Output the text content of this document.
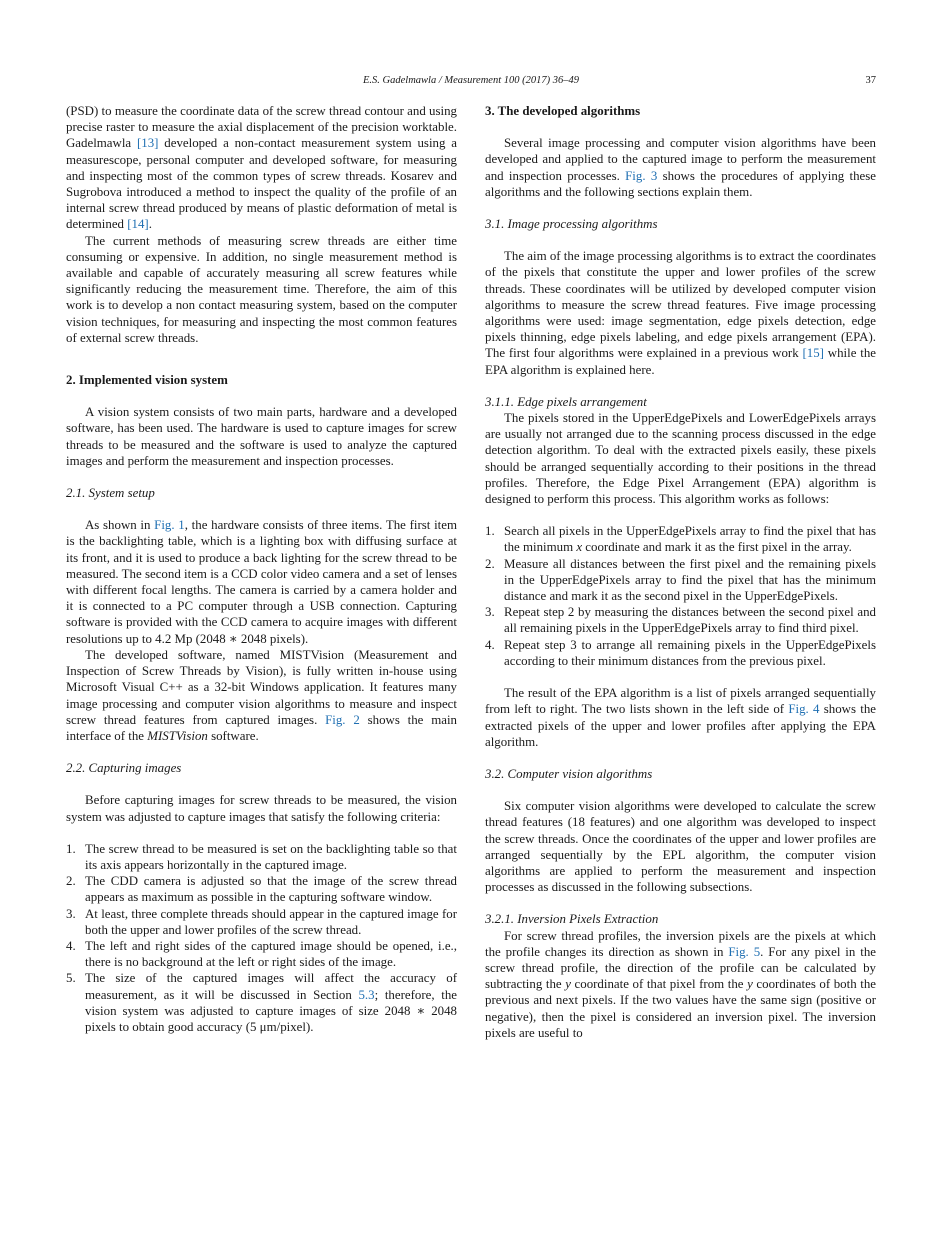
E.S. Gadelmawla / Measurement 100 (2017) 36–49	37

(PSD) to measure the coordinate data of the screw thread contour and using precise raster to measure the axial displacement of the precision worktable. Gadelmawla [13] developed a non-contact measurement system using a measurescope, personal computer and developed software, for measuring and inspecting most of the common types of screw threads. Kosarev and Sugrobova introduced a method to inspect the quality of the profile of an internal screw thread produced by means of plastic deformation of metal is determined [14].

The current methods of measuring screw threads are either time consuming or expensive. In addition, no single measurement method is available and capable of accurately measuring all screw features while significantly reducing the measurement time. Therefore, the aim of this work is to develop a non contact measuring system, based on the computer vision techniques, for measuring and inspecting the most common features of external screw threads.

2. Implemented vision system

A vision system consists of two main parts, hardware and a developed software, has been used. The hardware is used to capture images for screw threads to be measured and the software is used to analyze the captured images and perform the measurement and inspection processes.

2.1. System setup

As shown in Fig. 1, the hardware consists of three items. The first item is the backlighting table, which is a lighting box with diffusing surface at its front, and it is used to produce a back lighting for the screw thread to be measured. The second item is a CCD color video camera and a set of lenses with different focal lengths. The camera is carried by a camera holder and it is connected to a PC computer through a USB connection. Capturing software is provided with the CCD camera to acquire images with different resolutions up to 4.2 Mp (2048 ∗ 2048 pixels).

The developed software, named MISTVision (Measurement and Inspection of Screw Threads by Vision), is fully written in-house using Microsoft Visual C++ as a 32-bit Windows application. It features many image processing and computer vision algorithms to measure and inspect screw thread features from captured images. Fig. 2 shows the main interface of the MISTVision software.

2.2. Capturing images

Before capturing images for screw threads to be measured, the vision system was adjusted to capture images that satisfy the following criteria:

1. The screw thread to be measured is set on the backlighting table so that its axis appears horizontally in the captured image.
2. The CDD camera is adjusted so that the image of the screw thread appears as maximum as possible in the capturing software window.
3. At least, three complete threads should appear in the captured image for both the upper and lower profiles of the screw thread.
4. The left and right sides of the captured image should be opened, i.e., there is no background at the left or right sides of the image.
5. The size of the captured images will affect the accuracy of measurement, as it will be discussed in Section 5.3; therefore, the vision system was adjusted to capture images of size 2048 ∗ 2048 pixels to obtain good accuracy (5 μm/pixel).
3. The developed algorithms

Several image processing and computer vision algorithms have been developed and applied to the captured image to perform the measurement and inspection processes. Fig. 3 shows the procedures of applying these algorithms and the following sections explain them.

3.1. Image processing algorithms

The aim of the image processing algorithms is to extract the coordinates of the pixels that constitute the upper and lower profiles of the screw threads. These coordinates will be utilized by developed computer vision algorithms to measure the screw thread features. Five image processing algorithms were used: image segmentation, edge pixels detection, edge pixels thinning, edge pixels labeling, and edge pixels arrangement (EPA). The first four algorithms were explained in a previous work [15] while the EPA algorithm is explained here.

3.1.1. Edge pixels arrangement

The pixels stored in the UpperEdgePixels and LowerEdgePixels arrays are usually not arranged due to the scanning process discussed in the edge detection algorithm. To deal with the extracted pixels easily, these pixels should be arranged sequentially according to their positions in the thread profiles. Therefore, the Edge Pixel Arrangement (EPA) algorithm is designed to perform this process. This algorithm works as follows:

1. Search all pixels in the UpperEdgePixels array to find the pixel that has the minimum x coordinate and mark it as the first pixel in the array.
2. Measure all distances between the first pixel and the remaining pixels in the UpperEdgePixels array to find the pixel that has the minimum distance and mark it as the second pixel in the UpperEdgePixels.
3. Repeat step 2 by measuring the distances between the second pixel and all remaining pixels in the UpperEdgePixels array to find third pixel.
4. Repeat step 3 to arrange all remaining pixels in the UpperEdgePixels according to their minimum distances from the previous pixel.

The result of the EPA algorithm is a list of pixels arranged sequentially from left to right. The two lists shown in the left side of Fig. 4 shows the extracted pixels of the upper and lower profiles after applying the EPA algorithm.

3.2. Computer vision algorithms

Six computer vision algorithms were developed to calculate the screw thread features (18 features) and one algorithm was developed to inspect the screw threads. Once the coordinates of the upper and lower profiles are arranged sequentially by the EPL algorithm, the computer vision algorithms are applied to perform the measurement and inspection processes as discussed in the following subsections.

3.2.1. Inversion Pixels Extraction

For screw thread profiles, the inversion pixels are the pixels at which the profile changes its direction as shown in Fig. 5. For any pixel in the screw thread profile, the direction of the profile can be calculated by subtracting the y coordinate of that pixel from the y coordinates of both the previous and next pixels. If the two values have the same sign (positive or negative), then the pixel is considered an inversion pixel. The inversion pixels are useful to
